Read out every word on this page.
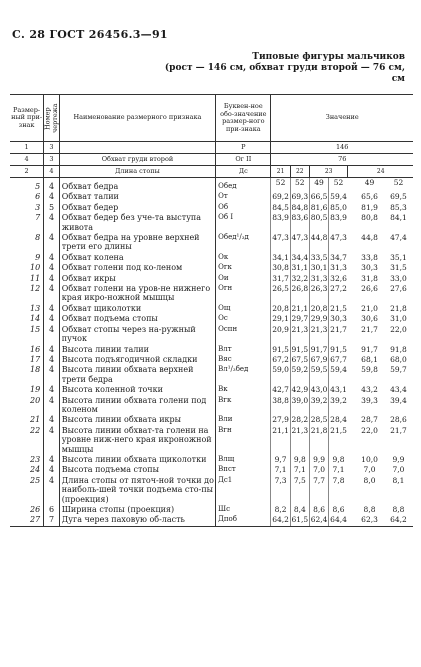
С. 28 ГОСТ 26456.3—91
Типовые фигуры мальчиков
(рост — 146 см, обхват груди второй — 76 см,
см
Размер-ный при-знак	Номер чертежа	Наименование размерного признака	Буквен-ное обо-значение размер-ного при-знака	Значение						
1	3		Р	146						
4	3	Обхват груди второй	Ог II	76						
2	4	Длина стопы	Дс	21	22	23		24		
5	4	Обхват бедра	Обед	52	52	49	52		49	52
6	4	Обхват талии	От	69,2	69,3	66,5	59,4		65,6	69,5
3	5	Обхват бедер	Об	84,5	84,8	81,6	85,0		81,9	85,3
7	4	Обхват бедер без уче-та выступа живота	Об I	83,9	83,6	80,5	83,9		80,8	84,1
8	4	Обхват бедра на уровне верхней трети его длины	Обед¹/₃д	47,3	47,3	44,8	47,3		44,8	47,4
9	4	Обхват колена	Ок	34,1	34,4	33,5	34,7		33,8	35,1
10	4	Обхват голени под ко-леном	Огк	30,8	31,1	30,1	31,3		30,3	31,5
11	4	Обхват икры	Ои	31,7	32,2	31,3	32,6		31,8	33,0
12	4	Обхват голени на уров-не нижнего края икро-ножной мышцы	Огн	26,5	26,8	26,3	27,2		26,6	27,6
13	4	Обхват щиколотки	Ощ	20,8	21,1	20,8	21,5		21,0	21,8
14	4	Обхват подъема стопы	Ос	29,1	29,7	29,9	30,3		30,6	31,0
15	4	Обхват стопы через на-ружный пучок	Оспн	20,9	21,3	21,3	21,7		21,7	22,0
16	4	Высота линии талии	Влт	91,5	91,5	91,7	91,5		91,7	91,8
17	4	Высота подъягодичной складки	Вяс	67,2	67,5	67,9	67,7		68,1	68,0
18	4	Высота линии обхвата верхней трети бедра	Вл¹/₃бед	59,0	59,2	59,5	59,4		59,8	59,7
19	4	Высота коленной точки	Вк	42,7	42,9	43,0	43,1		43,2	43,4
20	4	Высота линии обхвата голени под коленом	Вгк	38,8	39,0	39,2	39,2		39,3	39,4
21	4	Высота линии обхвата икры	Вли	27,9	28,2	28,5	28,4		28,7	28,6
22	4	Высота линии обхват-та голени на уровне ниж-него края икроножной мышцы	Вгн	21,1	21,3	21,8	21,5		22,0	21,7
23	4	Высота линии обхвата щиколотки	Влщ	9,7	9,8	9,9	9,8		10,0	9,9
24	4	Высота подъема стопы	Впст	7,1	7,1	7,0	7,1		7,0	7,0
25	4	Длина стопы от пяточ-ной точки до наиболь-шей точки подъема сто-пы (проекция)	Дс1	7,3	7,5	7,7	7,8		8,0	8,1
26	6	Ширина стопы (проекция)	Шс	8,2	8,4	8,6	8,6		8,8	8,8
27	7	Дуга через паховую об-ласть	Дпоб	64,2	61,5	62,4	64,4		62,3	64,2
